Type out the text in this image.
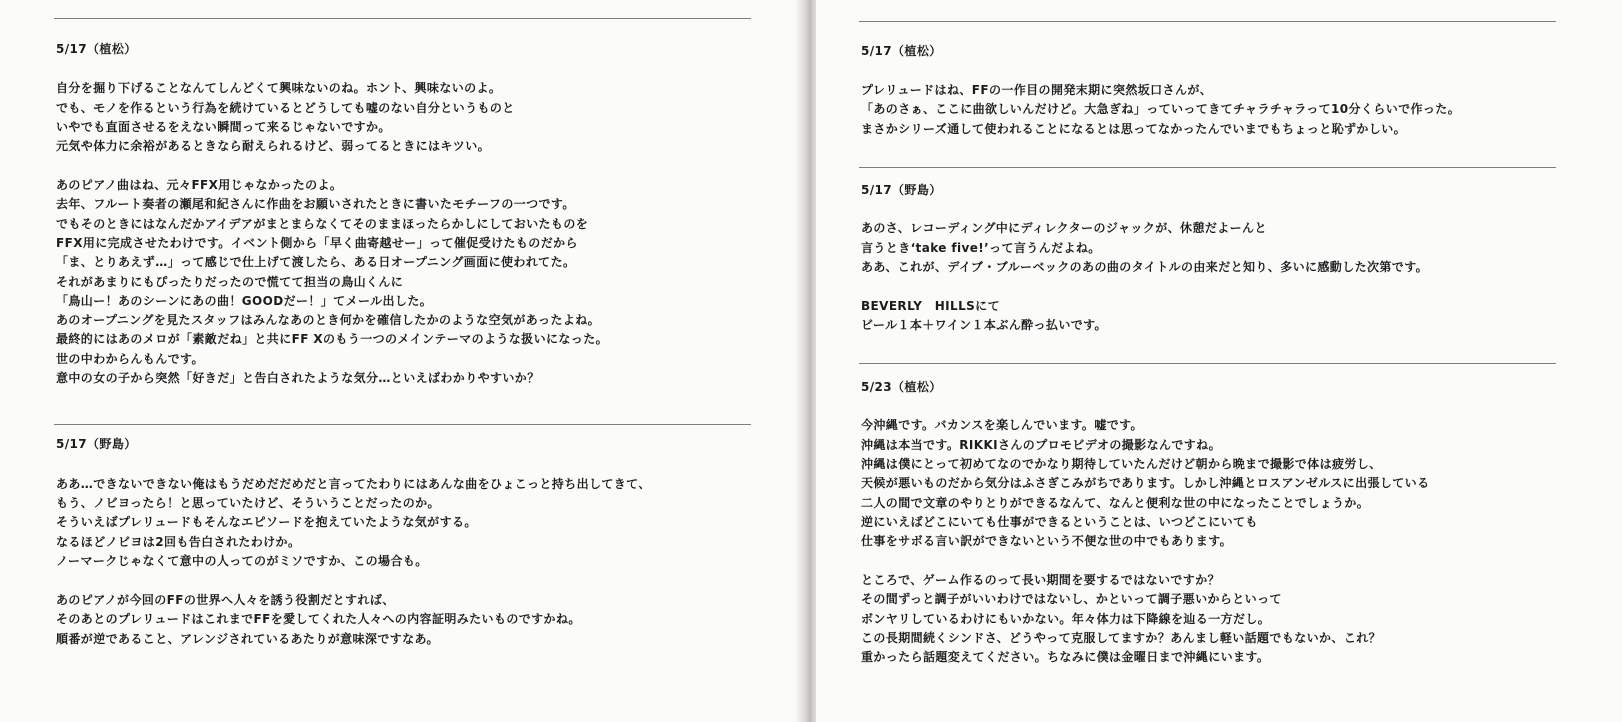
5/17（植松）
自分を掘り下げることなんてしんどくて興味ないのね。ホント、興味ないのよ。
でも、モノを作るという行為を続けているとどうしても嘘のない自分というものと
いやでも直面させるをえない瞬間って来るじゃないですか。
元気や体力に余裕があるときなら耐えられるけど、弱ってるときにはキツい。
あのピアノ曲はね、元々FFX用じゃなかったのよ。
去年、フルート奏者の瀬尾和紀さんに作曲をお願いされたときに書いたモチーフの一つです。
でもそのときにはなんだかアイデアがまとまらなくてそのままほったらかしにしておいたものを
FFX用に完成させたわけです。イベント側から「早く曲寄越せー」って催促受けたものだから
「ま、とりあえず…」って感じで仕上げて渡したら、ある日オープニング画面に使われてた。
それがあまりにもぴったりだったので慌てて担当の鳥山くんに
「鳥山ー！あのシーンにあの曲！GOODだー！」てメール出した。
あのオープニングを見たスタッフはみんなあのとき何かを確信したかのような空気があったよね。
最終的にはあのメロが「素敵だね」と共にFF Xのもう一つのメインテーマのような扱いになった。
世の中わからんもんです。
意中の女の子から突然「好きだ」と告白されたような気分…といえばわかりやすいか？
5/17（野島）
ああ…できないできない俺はもうだめだだめだと言ってたわりにはあんな曲をひょこっと持ち出してきて、
もう、ノビヨったら！と思っていたけど、そういうことだったのか。
そういえばプレリュードもそんなエピソードを抱えていたような気がする。
なるほどノビヨは2回も告白されたわけか。
ノーマークじゃなくて意中の人ってのがミソですか、この場合も。
あのピアノが今回のFFの世界へ人々を誘う役割だとすれば、
そのあとのプレリュードはこれまでFFを愛してくれた人々への内容証明みたいものですかね。
順番が逆であること、アレンジされているあたりが意味深ですなあ。
5/17（植松）
プレリュードはね、FFの一作目の開発末期に突然坂口さんが、
「あのさぁ、ここに曲欲しいんだけど。大急ぎね」っていってきてチャラチャラって10分くらいで作った。
まさかシリーズ通して使われることになるとは思ってなかったんでいまでもちょっと恥ずかしい。
5/17（野島）
あのさ、レコーディング中にディレクターのジャックが、休憩だよーんと
言うとき‘take five!’って言うんだよね。
ああ、これが、デイブ・ブルーベックのあの曲のタイトルの由来だと知り、多いに感動した次第です。
BEVERLY　HILLSにて
ビール１本＋ワイン１本ぶん酔っ払いです。
5/23（植松）
今沖縄です。バカンスを楽しんでいます。嘘です。
沖縄は本当です。RIKKIさんのプロモビデオの撮影なんですね。
沖縄は僕にとって初めてなのでかなり期待していたんだけど朝から晩まで撮影で体は疲労し、
天候が悪いものだから気分はふさぎこみがちであります。しかし沖縄とロスアンゼルスに出張している
二人の間で文章のやりとりができるなんて、なんと便利な世の中になったことでしょうか。
逆にいえばどこにいても仕事ができるということは、いつどこにいても
仕事をサボる言い訳ができないという不便な世の中でもあります。
ところで、ゲーム作るのって長い期間を要するではないですか？
その間ずっと調子がいいわけではないし、かといって調子悪いからといって
ボンヤリしているわけにもいかない。年々体力は下降線を辿る一方だし。
この長期間続くシンドさ、どうやって克服してますか？あんまし軽い話題でもないか、これ？
重かったら話題変えてください。ちなみに僕は金曜日まで沖縄にいます。
